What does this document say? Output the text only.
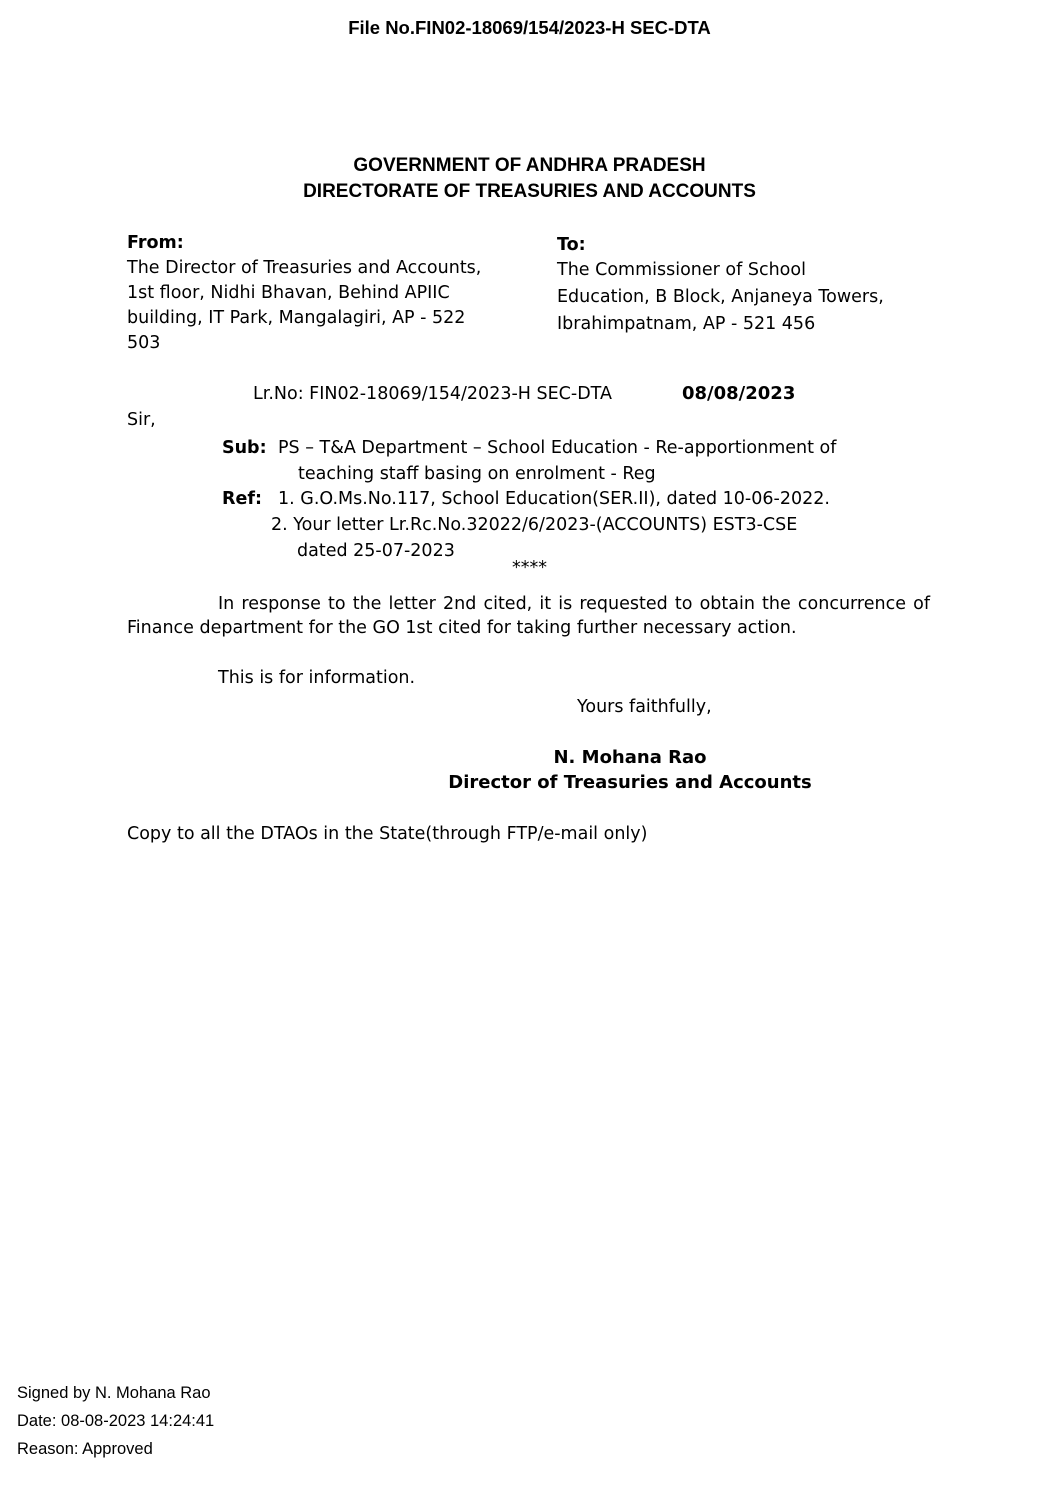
File No.FIN02-18069/154/2023-H SEC-DTA
GOVERNMENT OF ANDHRA PRADESH
DIRECTORATE OF TREASURIES AND ACCOUNTS
From:
The Director of Treasuries and Accounts,
1st floor, Nidhi Bhavan, Behind APIIC
building, IT Park, Mangalagiri, AP - 522
503
To:
The Commissioner of School
Education, B Block, Anjaneya Towers,
Ibrahimpatnam, AP - 521 456
Lr.No: FIN02-18069/154/2023-H SEC-DTA	08/08/2023
Sir,
Sub: PS – T&A Department – School Education - Re-apportionment of
teaching staff basing on enrolment - Reg
Ref: 1. G.O.Ms.No.117, School Education(SER.II), dated 10-06-2022.
2. Your letter Lr.Rc.No.32022/6/2023-(ACCOUNTS) EST3-CSE
dated 25-07-2023
****

In response to the letter 2nd cited, it is requested to obtain the concurrence of Finance department for the GO 1st cited for taking further necessary action.

This is for information.
Yours faithfully,
N. Mohana Rao
Director of Treasuries and Accounts
Copy to all the DTAOs in the State(through FTP/e-mail only)
Signed by N. Mohana Rao
Date: 08-08-2023 14:24:41
Reason: Approved
